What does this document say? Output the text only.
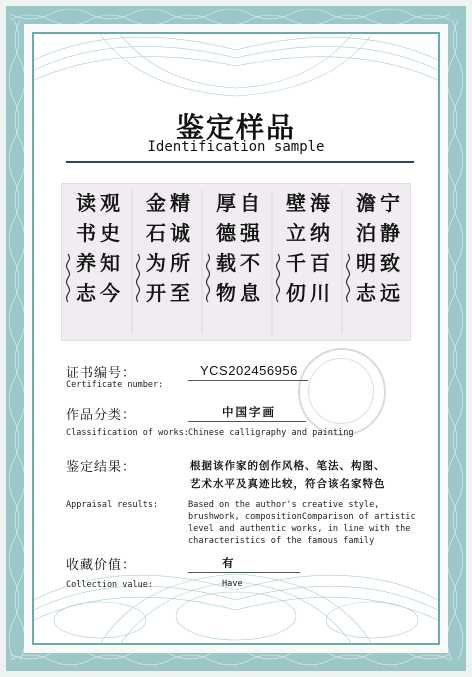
鉴定样品
Identification sample
宁
静
致
远
澹
泊
明
志
海
纳
百
川
壁
立
千
仞
自
强
不
息
厚
德
载
物
精
诚
所
至
金
石
为
开
观
史
知
今
读
书
养
志
证书编号：
Certificate number:
YCS202456956
作品分类：
Classification of works:
中国字画
Chinese calligraphy and painting
鉴定结果：
Appraisal results:
根据该作家的创作风格、笔法、构图、
艺术水平及真迹比较，符合该名家特色
Based on the author's creative style,
brushwork, compositionComparison of artistic
level and authentic works, in line with the
characteristics of the famous family
收藏价值：
Collection value:
有
Have
